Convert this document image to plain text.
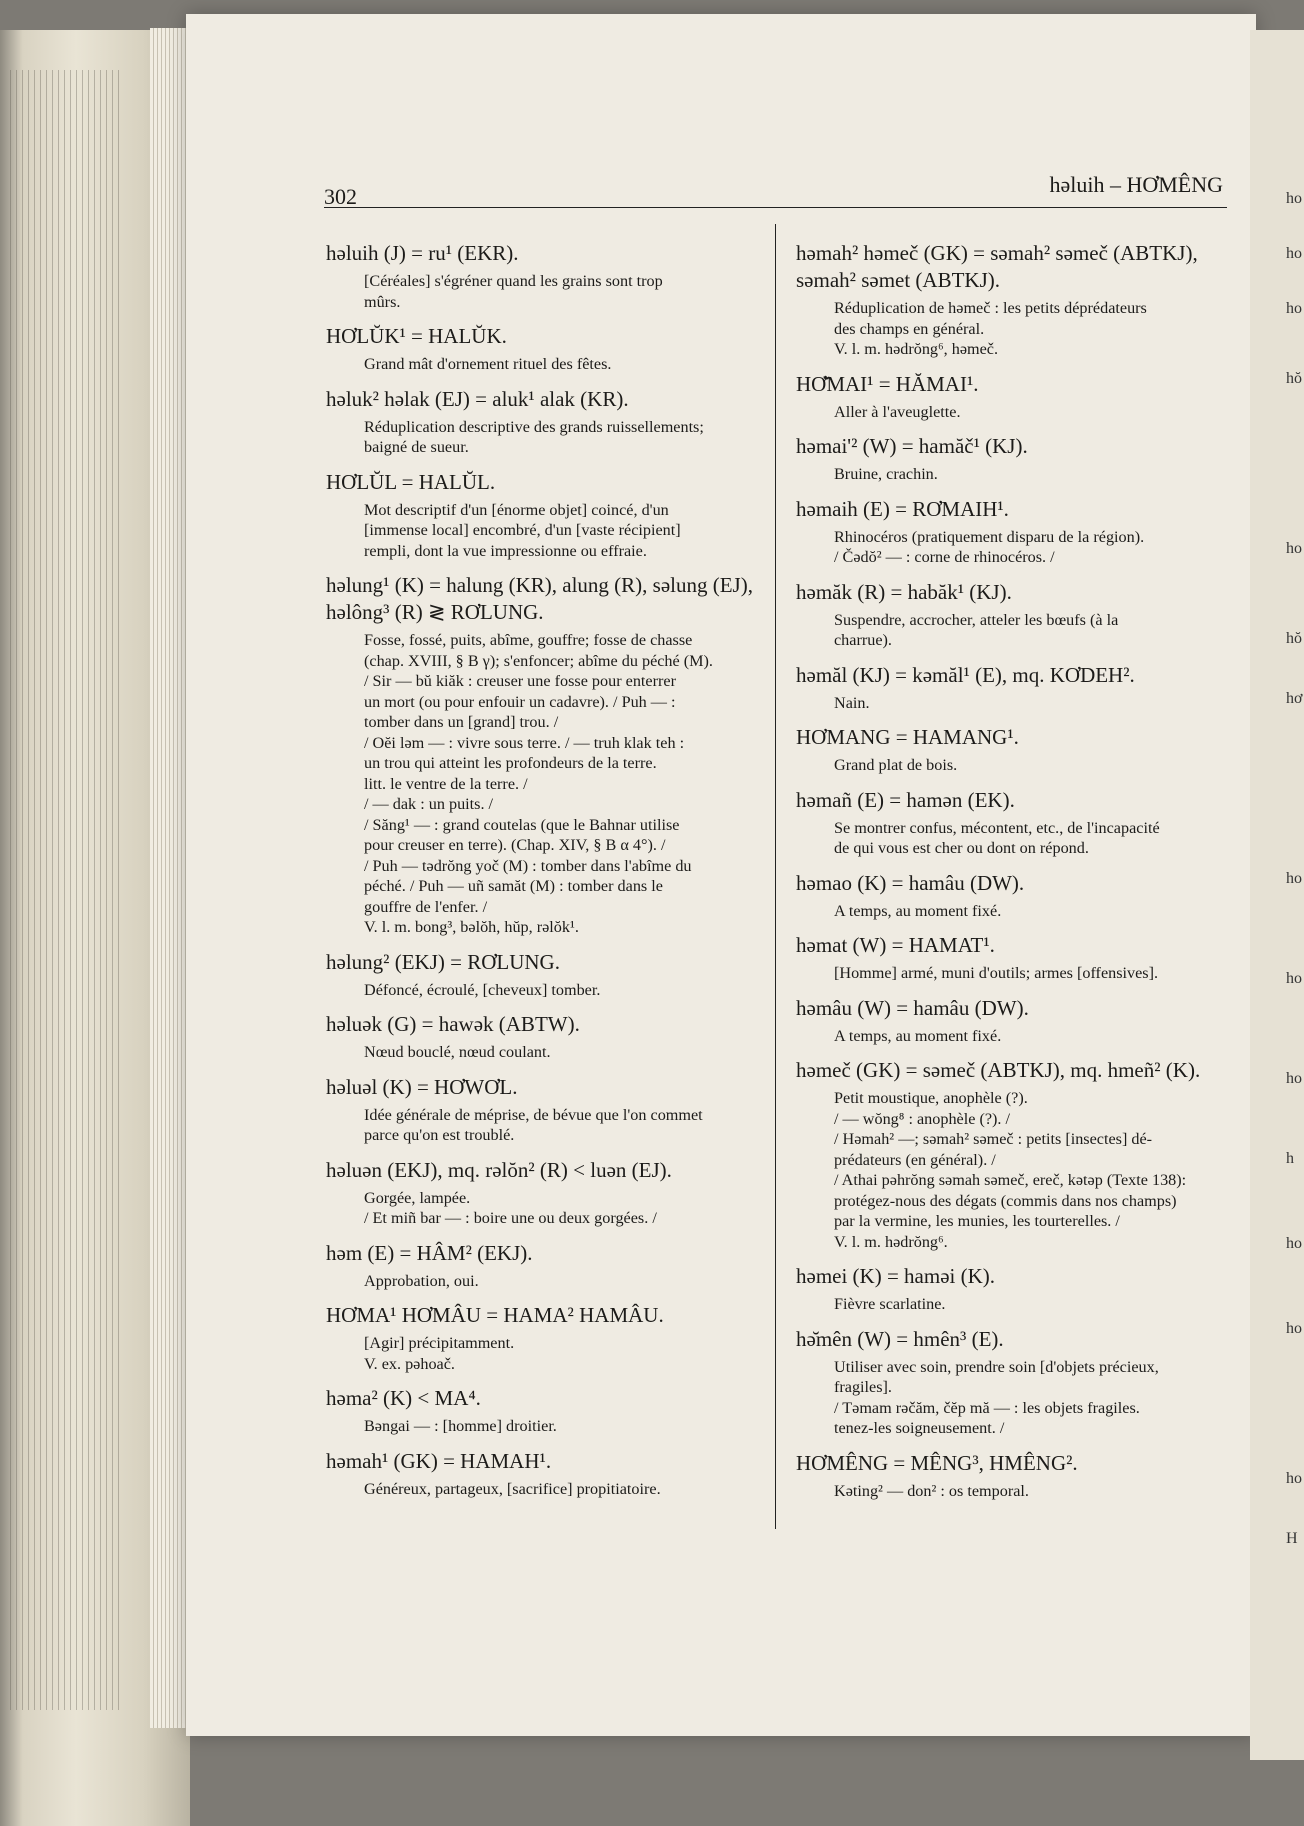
ho
ho
ho
hŏ
ho
hŏ
hơ
ho
ho
ho
h
ho
ho
ho
H
302	həluih – HƠMÊNG
həluih (J) = ru¹ (EKR).
[Céréales] s'égréner quand les grains sont trop
mûrs.
HƠLŬK¹ = HALŬK.
Grand mât d'ornement rituel des fêtes.
həluk² həlak (EJ) = aluk¹ alak (KR).
Réduplication descriptive des grands ruissellements;
baigné de sueur.
HƠLŬL = HALŬL.
Mot descriptif d'un [énorme objet] coincé, d'un
[immense local] encombré, d'un [vaste récipient]
rempli, dont la vue impressionne ou effraie.
həlung¹ (K) = halung (KR), alung (R), səlung (EJ), həlông³ (R) ≷ RƠLUNG.
Fosse, fossé, puits, abîme, gouffre; fosse de chasse
(chap. XVIII, § B γ); s'enfoncer; abîme du péché (M).
/ Sir — bŭ kiăk : creuser une fosse pour enterrer
un mort (ou pour enfouir un cadavre). / Puh — :
tomber dans un [grand] trou. /
/ Oĕi ləm — : vivre sous terre. / — truh klak teh :
un trou qui atteint les profondeurs de la terre.
litt. le ventre de la terre. /
/ — dak : un puits. /
/ Săng¹ — : grand coutelas (que le Bahnar utilise
pour creuser en terre). (Chap. XIV, § B α 4°). /
/ Puh — tədrŏng yoč (M) : tomber dans l'abîme du
péché. / Puh — uñ samăt (M) : tomber dans le
gouffre de l'enfer. /
V. l. m. bong³, bəlŏh, hŭp, rəlŏk¹.
həlung² (EKJ) = RƠLUNG.
Défoncé, écroulé, [cheveux] tomber.
həluək (G) = hawək (ABTW).
Nœud bouclé, nœud coulant.
həluəl (K) = HƠWƠL.
Idée générale de méprise, de bévue que l'on commet
parce qu'on est troublé.
həluən (EKJ), mq. rəlŏn² (R) < luən (EJ).
Gorgée, lampée.
/ Et miñ bar — : boire une ou deux gorgées. /
həm (E) = HÂM² (EKJ).
Approbation, oui.
HƠMA¹ HƠMÂU = HAMA² HAMÂU.
[Agir] précipitamment.
V. ex. pəhoač.
həma² (K) < MA⁴.
Bəngai — : [homme] droitier.
həmah¹ (GK) = HAMAH¹.
Généreux, partageux, [sacrifice] propitiatoire.
həmah² həmeč (GK) = səmah² səmeč (ABTKJ), səmah² səmet (ABTKJ).
Réduplication de həmeč : les petits déprédateurs
des champs en général.
V. l. m. hədrŏng⁶, həmeč.
HƠ̆MAI¹ = HĂMAI¹.
Aller à l'aveuglette.
həmai'² (W) = hamăč¹ (KJ).
Bruine, crachin.
həmaih (E) = RƠMAIH¹.
Rhinocéros (pratiquement disparu de la région).
/ Čədŏ² — : corne de rhinocéros. /
həmăk (R) = habăk¹ (KJ).
Suspendre, accrocher, atteler les bœufs (à la
charrue).
həmăl (KJ) = kəmăl¹ (E), mq. KƠDEH².
Nain.
HƠMANG = HAMANG¹.
Grand plat de bois.
həmañ (E) = hamən (EK).
Se montrer confus, mécontent, etc., de l'incapacité
de qui vous est cher ou dont on répond.
həmao (K) = hamâu (DW).
A temps, au moment fixé.
həmat (W) = HAMAT¹.
[Homme] armé, muni d'outils; armes [offensives].
həmâu (W) = hamâu (DW).
A temps, au moment fixé.
həmeč (GK) = səmeč (ABTKJ), mq. hmeñ² (K).
Petit moustique, anophèle (?).
/ — wŏng⁸ : anophèle (?). /
/ Həmah² —; səmah² səmeč : petits [insectes] dé-
prédateurs (en général). /
/ Athai pəhrŏng səmah səmeč, ereč, kətəp (Texte 138):
protégez-nous des dégats (commis dans nos champs)
par la vermine, les munies, les tourterelles. /
V. l. m. hədrŏng⁶.
həmei (K) = haməi (K).
Fièvre scarlatine.
hə̆mên (W) = hmên³ (E).
Utiliser avec soin, prendre soin [d'objets précieux,
fragiles].
/ Təmam rəčăm, čĕp mă — : les objets fragiles.
tenez-les soigneusement. /
HƠMÊNG = MÊNG³, HMÊNG².
Kəting² — don² : os temporal.
